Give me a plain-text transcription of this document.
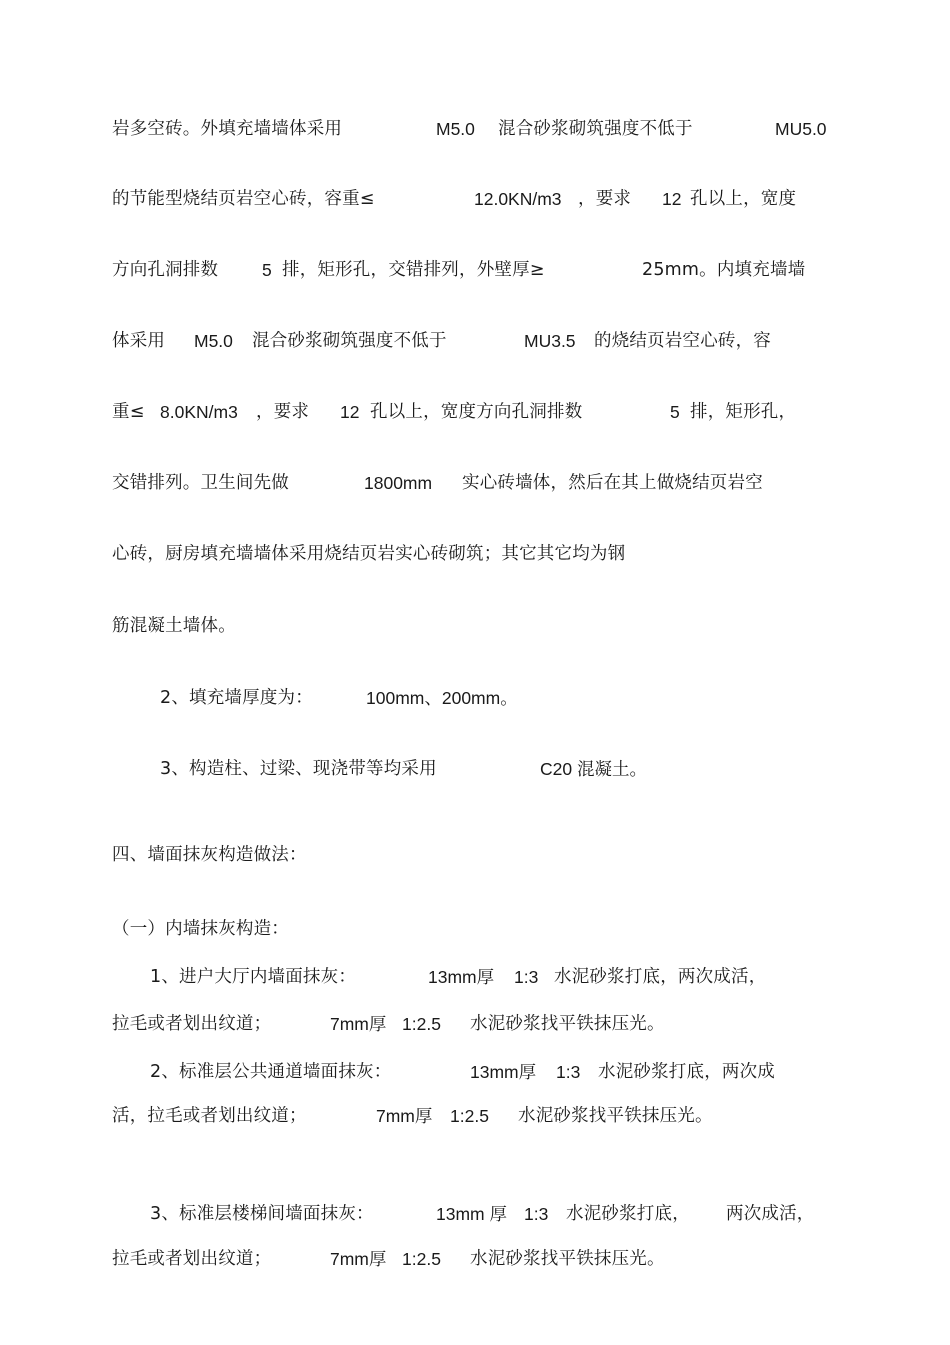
岩多空砖。外填充墙墙体采用	M5.0 混合砂浆砌筑强度不低于	MU5.0
的节能型烧结页岩空心砖，容重≤	12.0KN/m3 ，要求 12 孔以上，宽度
方向孔洞排数	5 排，矩形孔，交错排列，外壁厚≥	25mm。内填充墙墙
体采用 M5.0 混合砂浆砌筑强度不低于	MU3.5 的烧结页岩空心砖，容
重≤ 8.0KN/m3 ，要求 12 孔以上，宽度方向孔洞排数	5 排，矩形孔，
交错排列。卫生间先做	1800mm 实心砖墙体，然后在其上做烧结页岩空
心砖，厨房填充墙墙体采用烧结页岩实心砖砌筑；其它其它均为钢
筋混凝土墙体。
2、填充墙厚度为：	100mm、200mm。
3、构造柱、过梁、现浇带等均采用	C20 混凝土。
四、墙面抹灰构造做法：
（一）内墙抹灰构造：
1、进户大厅内墙面抹灰：	13mm厚 1:3 水泥砂浆打底，两次成活，
拉毛或者划出纹道；	7mm厚 1:2.5 水泥砂浆找平铁抹压光。
2、标准层公共通道墙面抹灰：	13mm厚 1:3 水泥砂浆打底，两次成
活，拉毛或者划出纹道；	7mm厚 1:2.5 水泥砂浆找平铁抹压光。
3、标准层楼梯间墙面抹灰：	13mm 厚 1:3 水泥砂浆打底， 两次成活，
拉毛或者划出纹道；	7mm厚 1:2.5 水泥砂浆找平铁抹压光。
